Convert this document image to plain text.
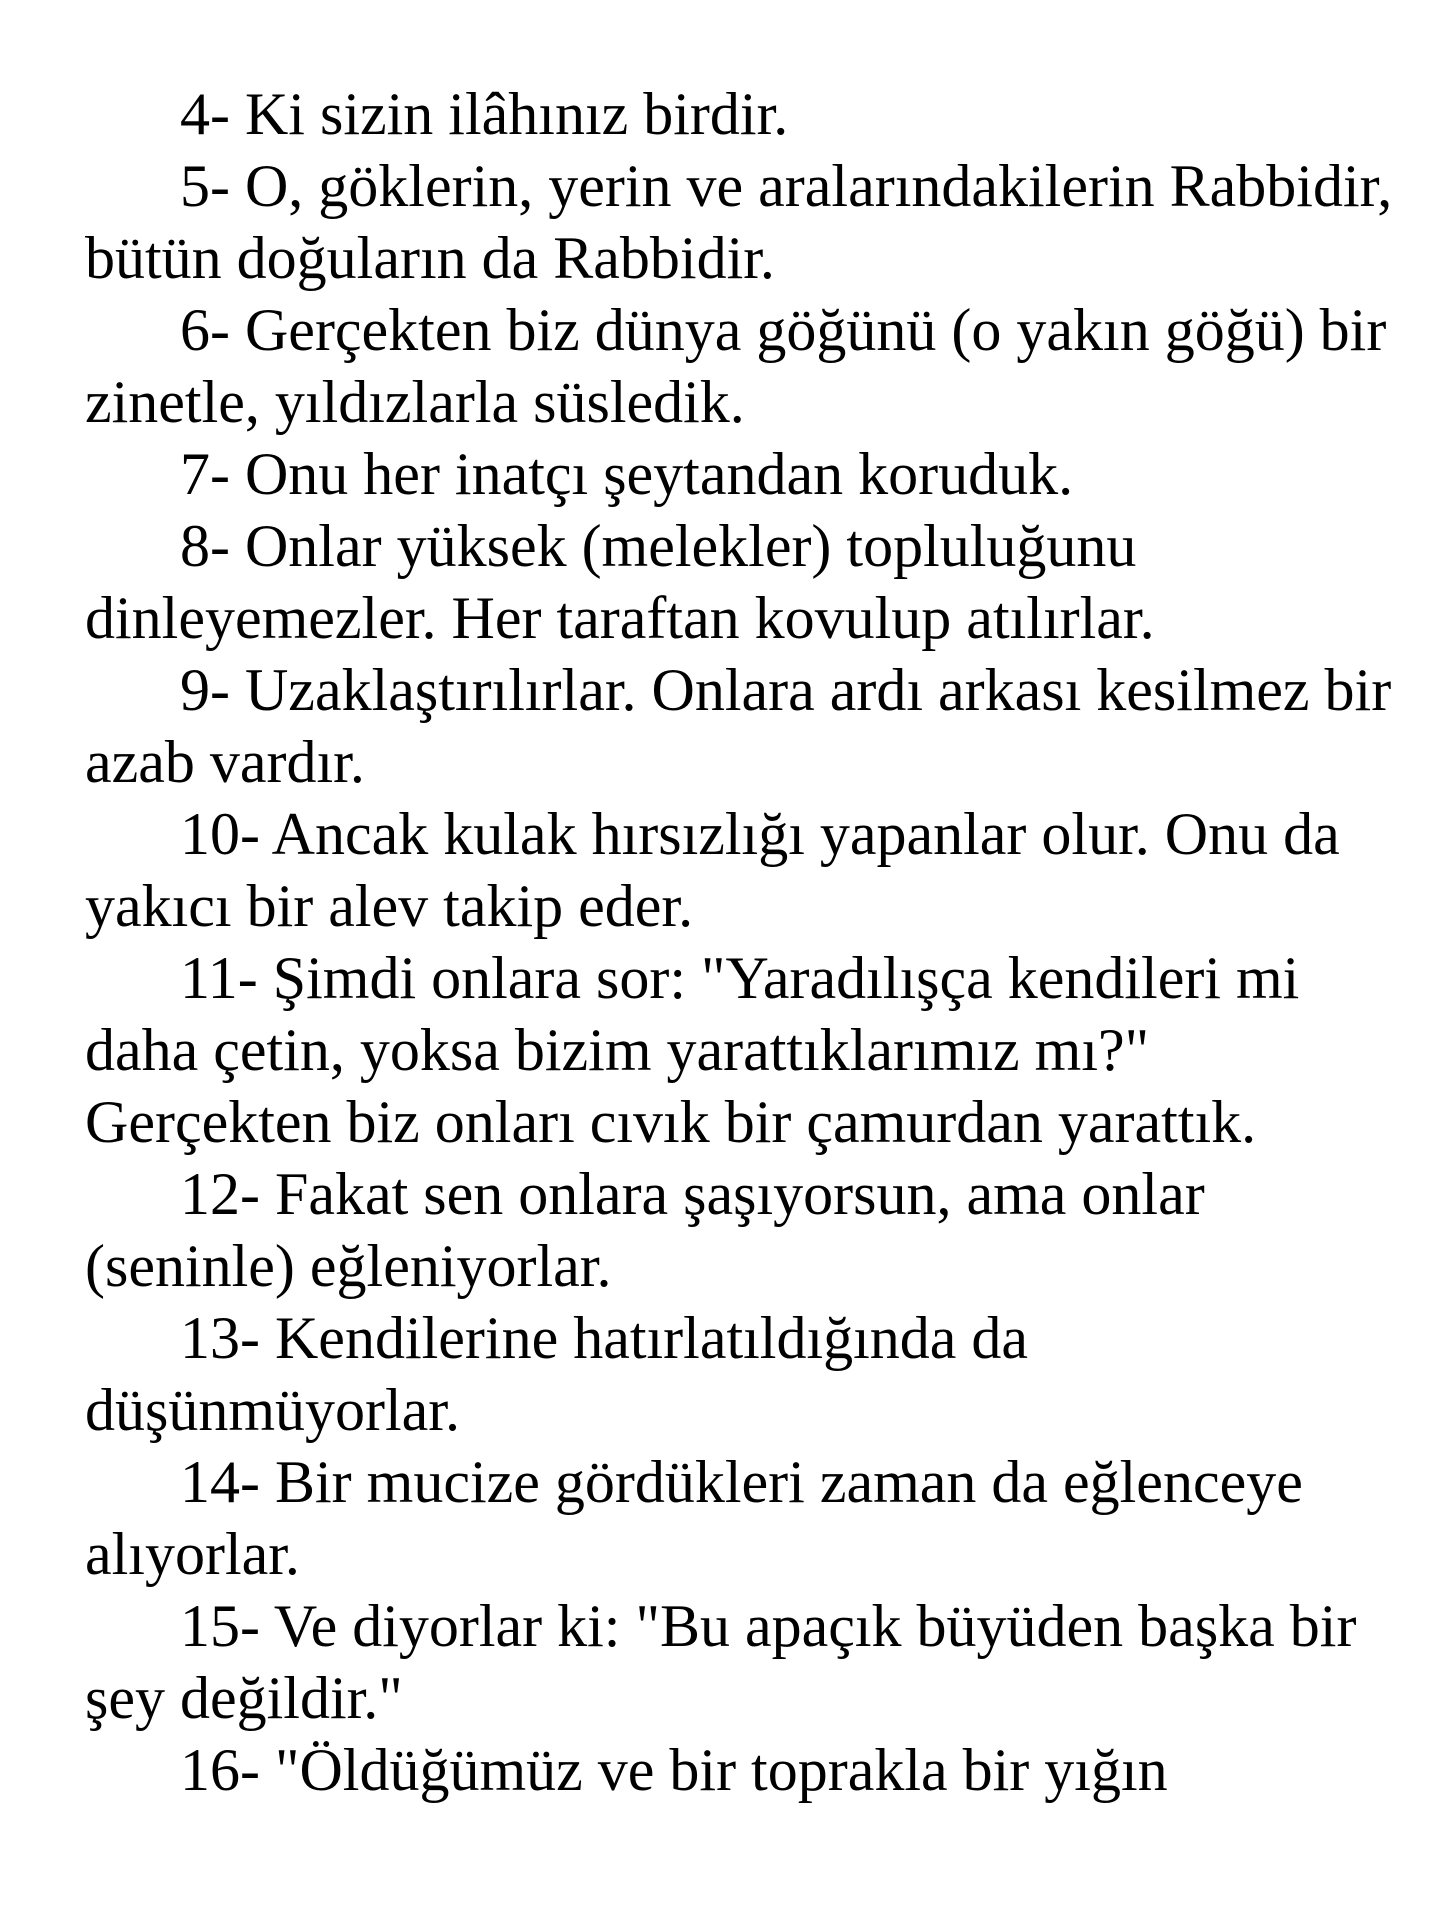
4- Ki sizin ilâhınız birdir.

5- O, göklerin, yerin ve aralarındakilerin Rabbidir, bütün doğuların da Rabbidir.

6- Gerçekten biz dünya göğünü (o yakın göğü) bir zinetle, yıldızlarla süsledik.

7- Onu her inatçı şeytandan koruduk.

8- Onlar yüksek (melekler) topluluğunu dinleyemezler. Her taraftan kovulup atılırlar.

9- Uzaklaştırılırlar. Onlara ardı arkası kesilmez bir azab vardır.

10- Ancak kulak hırsızlığı yapanlar olur. Onu da yakıcı bir alev takip eder.

11- Şimdi onlara sor: "Yaradılışça kendileri mi daha çetin, yoksa bizim yarattıklarımız mı?" Gerçekten biz onları cıvık bir çamurdan yarattık.

12- Fakat sen onlara şaşıyorsun, ama onlar (seninle) eğleniyorlar.

13- Kendilerine hatırlatıldığında da düşünmüyorlar.

14- Bir mucize gördükleri zaman da eğlenceye alıyorlar.

15- Ve diyorlar ki: "Bu apaçık büyüden başka bir şey değildir."

16- "Öldüğümüz ve bir toprakla bir yığın
